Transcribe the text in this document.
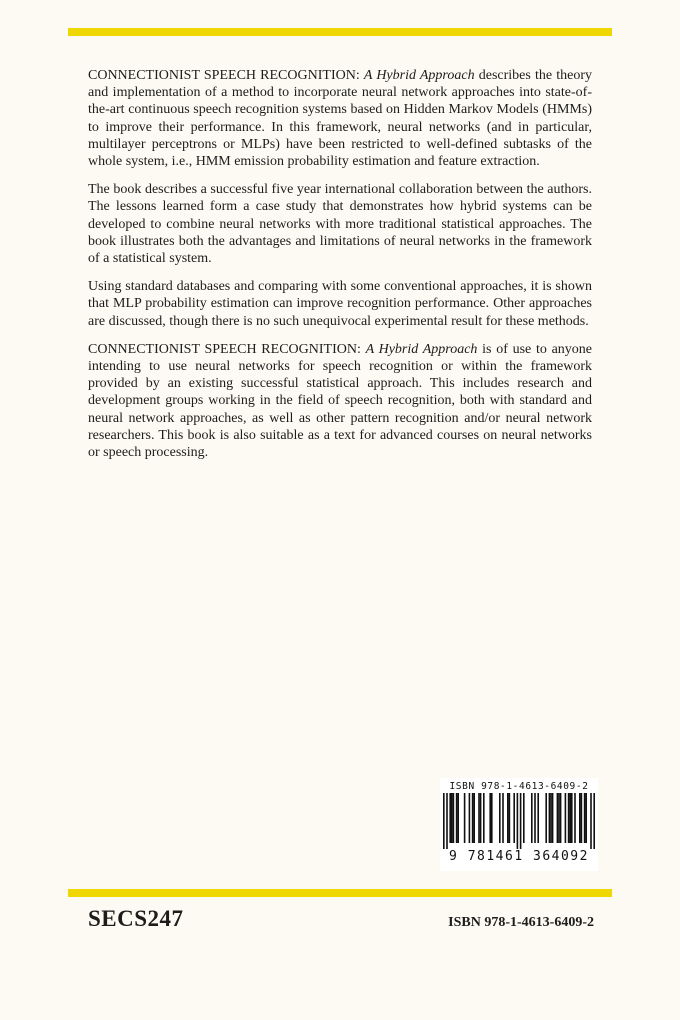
CONNECTIONIST SPEECH RECOGNITION: A Hybrid Approach describes the theory and implementation of a method to incorporate neural network approaches into state-of-the-art continuous speech recognition systems based on Hidden Markov Models (HMMs) to improve their performance. In this framework, neural networks (and in particular, multilayer perceptrons or MLPs) have been restricted to well-defined subtasks of the whole system, i.e., HMM emission probability estimation and feature extraction.

The book describes a successful five year international collaboration between the authors. The lessons learned form a case study that demonstrates how hybrid systems can be developed to combine neural networks with more traditional statistical approaches. The book illustrates both the advantages and limitations of neural networks in the framework of a statistical system.

Using standard databases and comparing with some conventional approaches, it is shown that MLP probability estimation can improve recognition performance. Other approaches are discussed, though there is no such unequivocal experimental result for these methods.

CONNECTIONIST SPEECH RECOGNITION: A Hybrid Approach is of use to anyone intending to use neural networks for speech recognition or within the framework provided by an existing successful statistical approach. This includes research and development groups working in the field of speech recognition, both with standard and neural network approaches, as well as other pattern recognition and/or neural network researchers. This book is also suitable as a text for advanced courses on neural networks or speech processing.

ISBN 978-1-4613-6409-2
9 781461 364092
SECS247	ISBN 978-1-4613-6409-2
